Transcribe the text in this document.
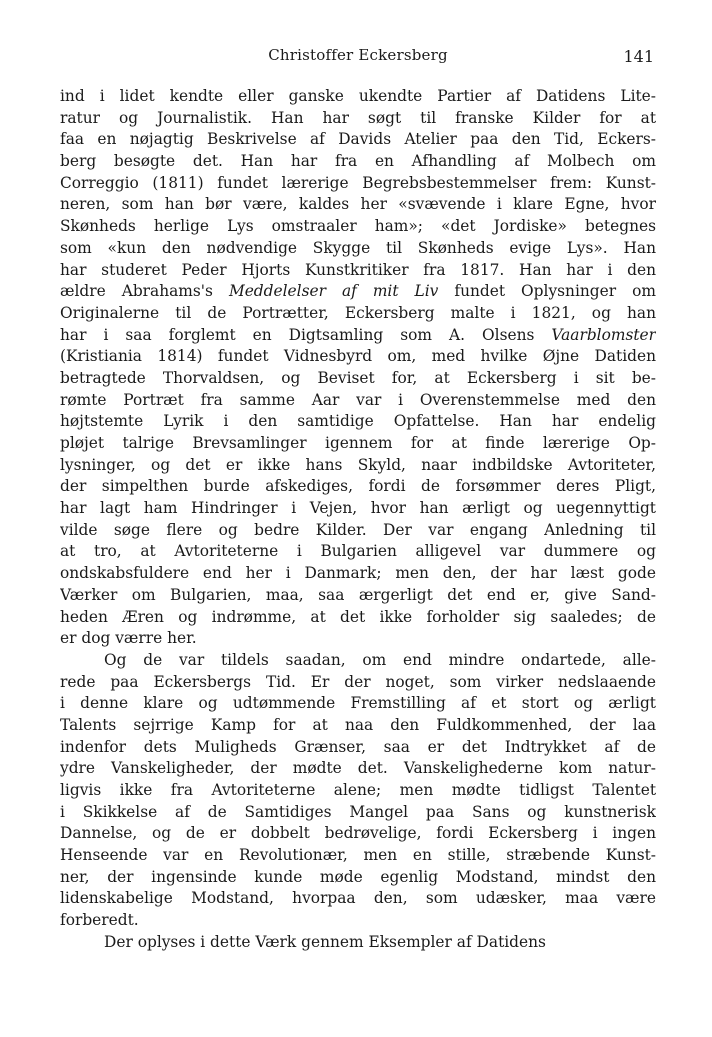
Christoffer Eckersberg	141
ind i lidet kendte eller ganske ukendte Partier af Datidens Lite-
ratur og Journalistik. Han har søgt til franske Kilder for at
faa en nøjagtig Beskrivelse af Davids Atelier paa den Tid, Eckers-
berg besøgte det. Han har fra en Afhandling af Molbech om
Correggio (1811) fundet lærerige Begrebsbestemmelser frem: Kunst-
neren, som han bør være, kaldes her «svævende i klare Egne, hvor
Skønheds herlige Lys omstraaler ham»; «det Jordiske» betegnes
som «kun den nødvendige Skygge til Skønheds evige Lys». Han
har studeret Peder Hjorts Kunstkritiker fra 1817. Han har i den
ældre Abrahams's Meddelelser af mit Liv fundet Oplysninger om
Originalerne til de Portrætter, Eckersberg malte i 1821, og han
har i saa forglemt en Digtsamling som A. Olsens Vaarblomster
(Kristiania 1814) fundet Vidnesbyrd om, med hvilke Øjne Datiden
betragtede Thorvaldsen, og Beviset for, at Eckersberg i sit be-
rømte Portræt fra samme Aar var i Overenstemmelse med den
højtstemte Lyrik i den samtidige Opfattelse. Han har endelig
pløjet talrige Brevsamlinger igennem for at finde lærerige Op-
lysninger, og det er ikke hans Skyld, naar indbildske Avtoriteter,
der simpelthen burde afskediges, fordi de forsømmer deres Pligt,
har lagt ham Hindringer i Vejen, hvor han ærligt og uegennyttigt
vilde søge flere og bedre Kilder. Der var engang Anledning til
at tro, at Avtoriteterne i Bulgarien alligevel var dummere og
ondskabsfuldere end her i Danmark; men den, der har læst gode
Værker om Bulgarien, maa, saa ærgerligt det end er, give Sand-
heden Æren og indrømme, at det ikke forholder sig saaledes; de
er dog værre her.
Og de var tildels saadan, om end mindre ondartede, alle-
rede paa Eckersbergs Tid. Er der noget, som virker nedslaaende
i denne klare og udtømmende Fremstilling af et stort og ærligt
Talents sejrrige Kamp for at naa den Fuldkommenhed, der laa
indenfor dets Muligheds Grænser, saa er det Indtrykket af de
ydre Vanskeligheder, der mødte det. Vanskelighederne kom natur-
ligvis ikke fra Avtoriteterne alene; men mødte tidligst Talentet
i Skikkelse af de Samtidiges Mangel paa Sans og kunstnerisk
Dannelse, og de er dobbelt bedrøvelige, fordi Eckersberg i ingen
Henseende var en Revolutionær, men en stille, stræbende Kunst-
ner, der ingensinde kunde møde egenlig Modstand, mindst den
lidenskabelige Modstand, hvorpaa den, som udæsker, maa være
forberedt.
Der oplyses i dette Værk gennem Eksempler af Datidens
